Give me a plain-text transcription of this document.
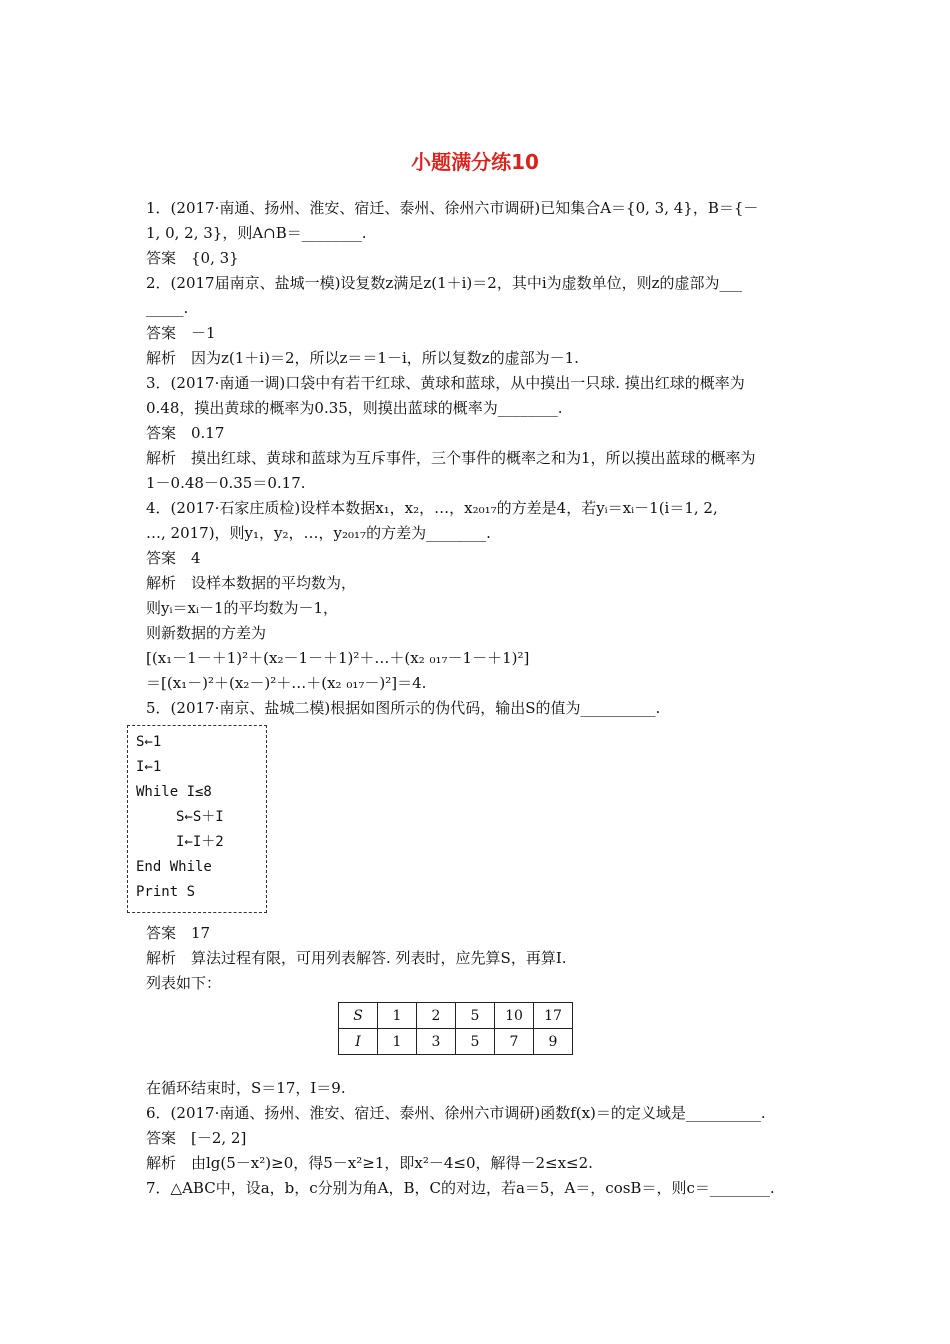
小题满分练10
1．(2017·南通、扬州、淮安、宿迁、泰州、徐州六市调研)已知集合A＝{0, 3, 4}，B＝{－
1, 0, 2, 3}，则A∩B＝________.
答案　{0, 3}
2．(2017届南京、盐城一模)设复数z满足z(1＋i)＝2，其中i为虚数单位，则z的虚部为___
_____.
答案　－1
解析　因为z(1＋i)＝2，所以z＝＝1－i，所以复数z的虚部为－1.
3．(2017·南通一调)口袋中有若干红球、黄球和蓝球，从中摸出一只球. 摸出红球的概率为
0.48，摸出黄球的概率为0.35，则摸出蓝球的概率为________.
答案　0.17
解析　摸出红球、黄球和蓝球为互斥事件，三个事件的概率之和为1，所以摸出蓝球的概率为
1－0.48－0.35＝0.17.
4．(2017·石家庄质检)设样本数据x₁，x₂，…，x₂₀₁₇的方差是4，若yᵢ＝xᵢ－1(i＝1, 2,
…, 2017)，则y₁，y₂，…，y₂₀₁₇的方差为________.
答案　4
解析　设样本数据的平均数为，
则yᵢ＝xᵢ－1的平均数为－1，
则新数据的方差为
[(x₁－1－＋1)²＋(x₂－1－＋1)²＋…＋(x₂ ₀₁₇－1－＋1)²]
＝[(x₁－)²＋(x₂－)²＋…＋(x₂ ₀₁₇－)²]＝4.
5．(2017·南京、盐城二模)根据如图所示的伪代码，输出S的值为__________.
S←1
I←1
While I≤8
S←S＋I
I←I＋2
End While
Print S
答案　17
解析　算法过程有限，可用列表解答. 列表时，应先算S，再算I.
列表如下：
S	1	2	5	10	17
I	1	3	5	7	9
在循环结束时，S＝17，I＝9.
6．(2017·南通、扬州、淮安、宿迁、泰州、徐州六市调研)函数f(x)＝的定义域是__________.
答案　[－2, 2]
解析　由lg(5－x²)≥0，得5－x²≥1，即x²－4≤0，解得－2≤x≤2.
7．△ABC中，设a，b，c分别为角A，B，C的对边，若a＝5，A＝，cosB＝，则c＝________.
